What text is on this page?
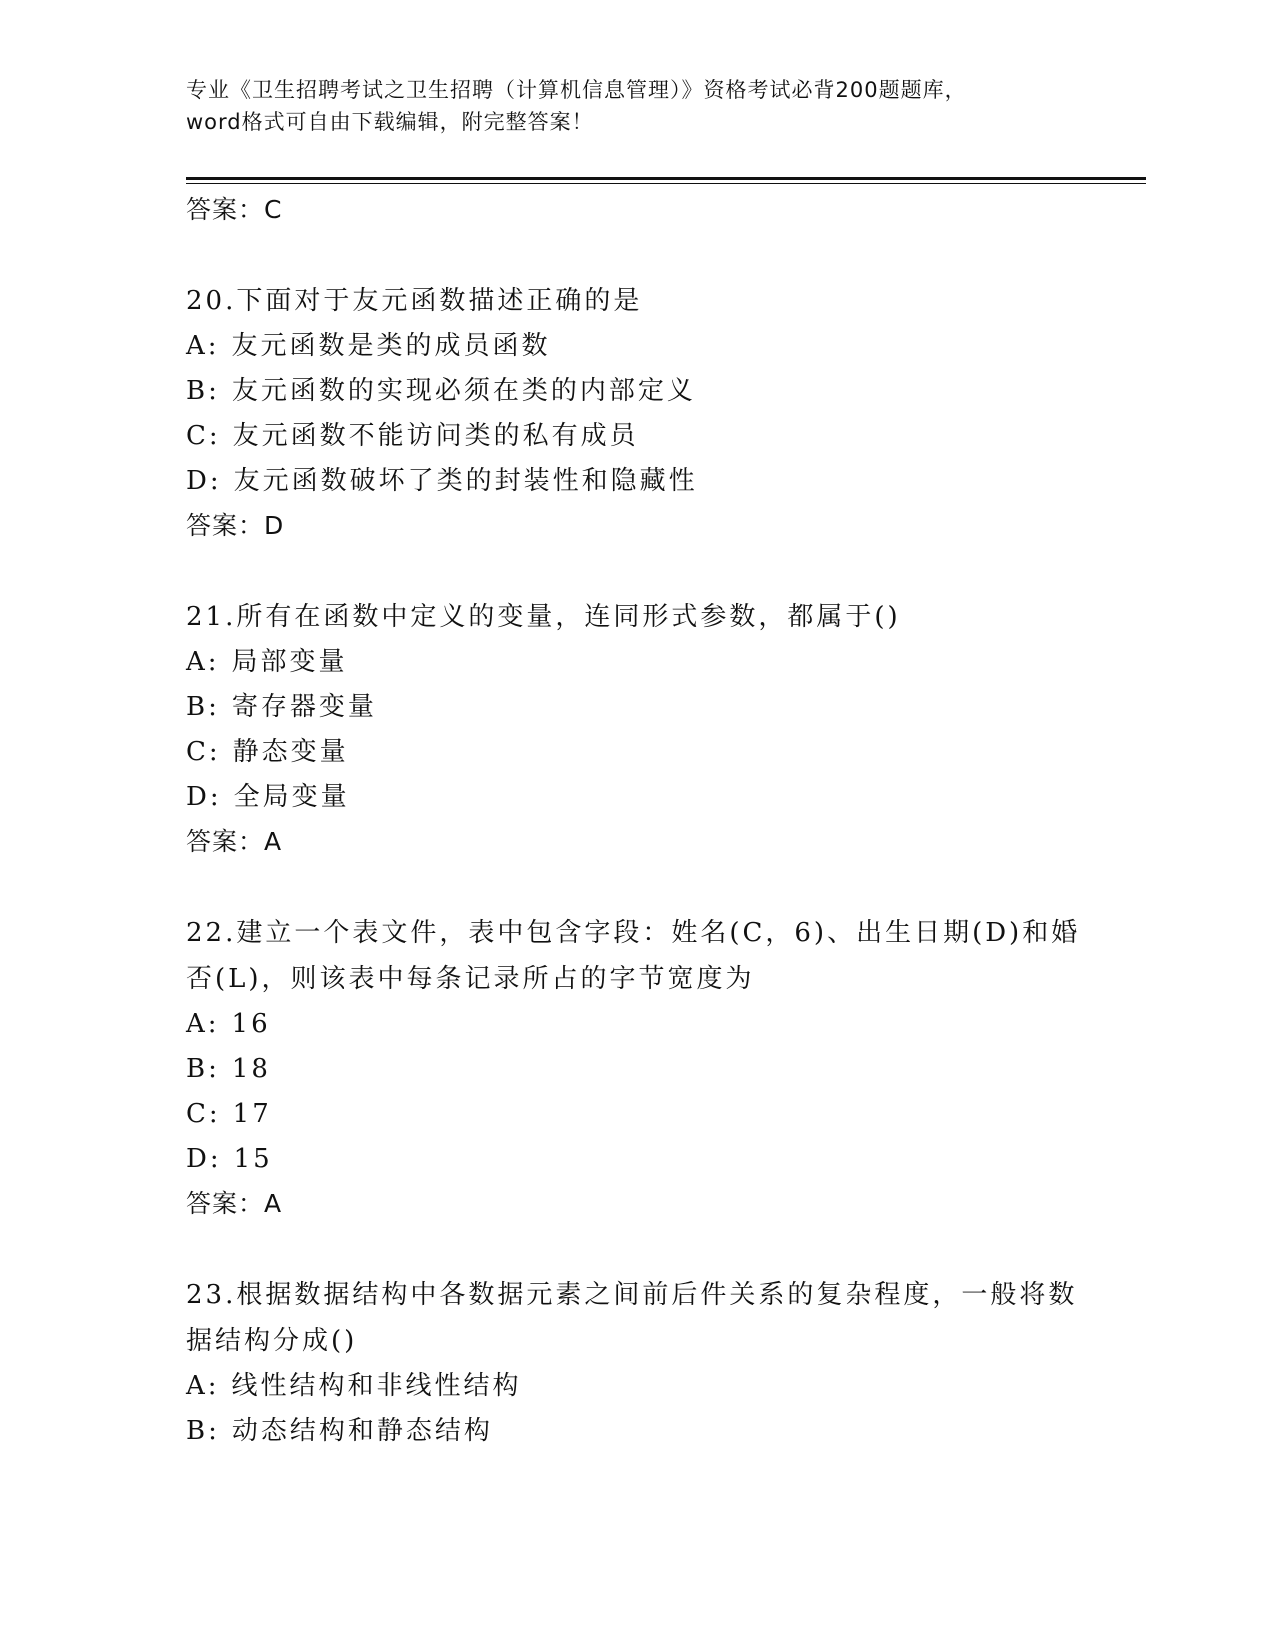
专业《卫生招聘考试之卫生招聘（计算机信息管理）》资格考试必背200题题库，
word格式可自由下载编辑，附完整答案！
答案：C
20.下面对于友元函数描述正确的是
A: 友元函数是类的成员函数
B: 友元函数的实现必须在类的内部定义
C: 友元函数不能访问类的私有成员
D: 友元函数破坏了类的封装性和隐藏性
答案：D
21.所有在函数中定义的变量，连同形式参数，都属于()
A: 局部变量
B: 寄存器变量
C: 静态变量
D: 全局变量
答案：A
22.建立一个表文件，表中包含字段：姓名(C，6)、出生日期(D)和婚
否(L)，则该表中每条记录所占的字节宽度为
A: 16
B: 18
C: 17
D: 15
答案：A
23.根据数据结构中各数据元素之间前后件关系的复杂程度，一般将数
据结构分成()
A: 线性结构和非线性结构
B: 动态结构和静态结构
